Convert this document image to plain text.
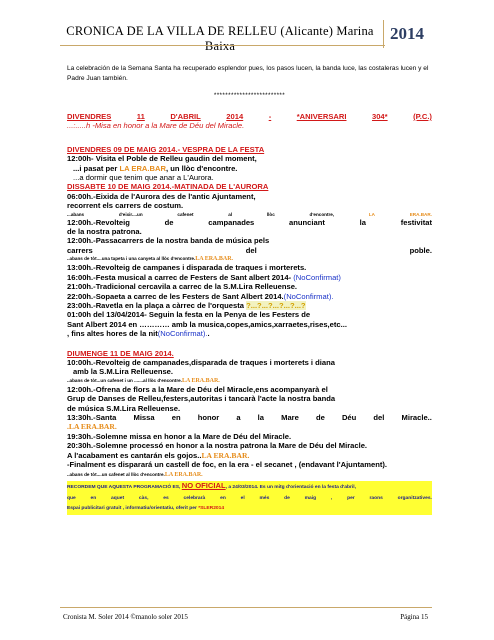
CRONICA DE LA VILLA DE RELLEU (Alicante) Marina Baixa
2014
La celebración de la Semana Santa ha recuperado esplendor pues, los pasos lucen, la banda luce, las costaleras lucen y el Padre Juan también.
*************************
DIVENDRES	11	D'ABRIL	2014	-	*ANIVERSARI	304*	(P.C.)
...:.....h -Misa en honor a la Mare de Déu del Miracle.
DIVENDRES 09 DE MAIG 2014.- VESPRA DE LA FESTA
12:00h- Visita el Poble de Relleu gaudin del moment,
...i pasat per LA ERA.BAR, un llòc d'encontre.
...a dormir que tenim que anar a L'Aurora.
DISSABTE 10 DE MAIG 2014.-MATINADA DE L'AURORA
06:00h.-Eixida de l'Aurora des de l'antic Ajuntament,
recorrent els carrers de costum.
...abans	d'eixir....un	cafenet	al	llòc	d'encontre,	LA	ERA.BAR.
12:00h.-Revolteig	de	campanades	anunciant	la	festivitat
de la nostra patrona.
12:00h.-Passacarrers de la nostra banda de música pels
carrers	del	poble.
..abans de tòt....una tapeta i una canyeta al llòc d'encontre.LA ERA.BAR.
13:00h.-Revolteig de campanes i disparada de traques i morterets.
16:00h.-Festa musical a carrec de Festers de Sant albert 2014- (NoConfirmat)
21:00h.-Tradicional cercavila a carrec de la S.M.Lira Relleuense.
22:00h.-Sopaeta a carrec de les Festers de Sant Albert 2014.(NoConfirmat).
23:00h.-Ravetla en la plaça a càrrec de l'orquesta ?...?...?...?...?...?
01:00h del 13/04/2014- Seguin la festa en la Penya de les Festers de
Sant Albert 2014 en ………… amb la musica,copes,amics,xarraetes,rises,etc...
, fins altes hores de la nit(NoConfirmat)..
DIUMENGE 11 DE MAIG 2014.
10:00h.-Revolteig de campanades,disparada de traques i morterets i diana
amb la S.M.Lira Relleuense.
..abans de tòt...un cafenet i un .......al llòc d'encontre.LA ERA.BAR.
12:00h.-Ofrena de flors a la Mare de Déu del Miracle,ens acompanyarà el
Grup de Danses de Relleu,festers,autoritas i tancarà l'acte la nostra banda
de música S.M.Lira Relleuense.
13:30h.-Santa Missa en honor a la Mare de Déu del Miracle..
.LA ERA.BAR.
19:30h.-Solemne missa en honor a la Mare de Déu del Miracle.
20:30h.-Solemne processó en honor a la nostra patrona la Mare de Déu del Miracle.
A l'acabament es cantarán els gojos..LA ERA.BAR.
-Finalment es disparará un castell de foc, en la era - el secanet , (endavant l'Ajuntament).
..abans de tòt....un cafenet al llòc d'encontre.LA ERA.BAR.
RECORDEM QUE AQUESTA PROGRAMACIÓ ES, NO OFICIAL, a 24/03/2014. Es un mitg d'orientació en la festa d'abril,
que	en	aquet	càs,	es	celebrarà	en	el	més	de	maig	,	per	raons	organitzatives.
Espai publicitari gratuit , informatiu/orientatiu, oferit per *SLER2014
Cronista M. Soler 2014 ©manolo soler 2015	Página 15
